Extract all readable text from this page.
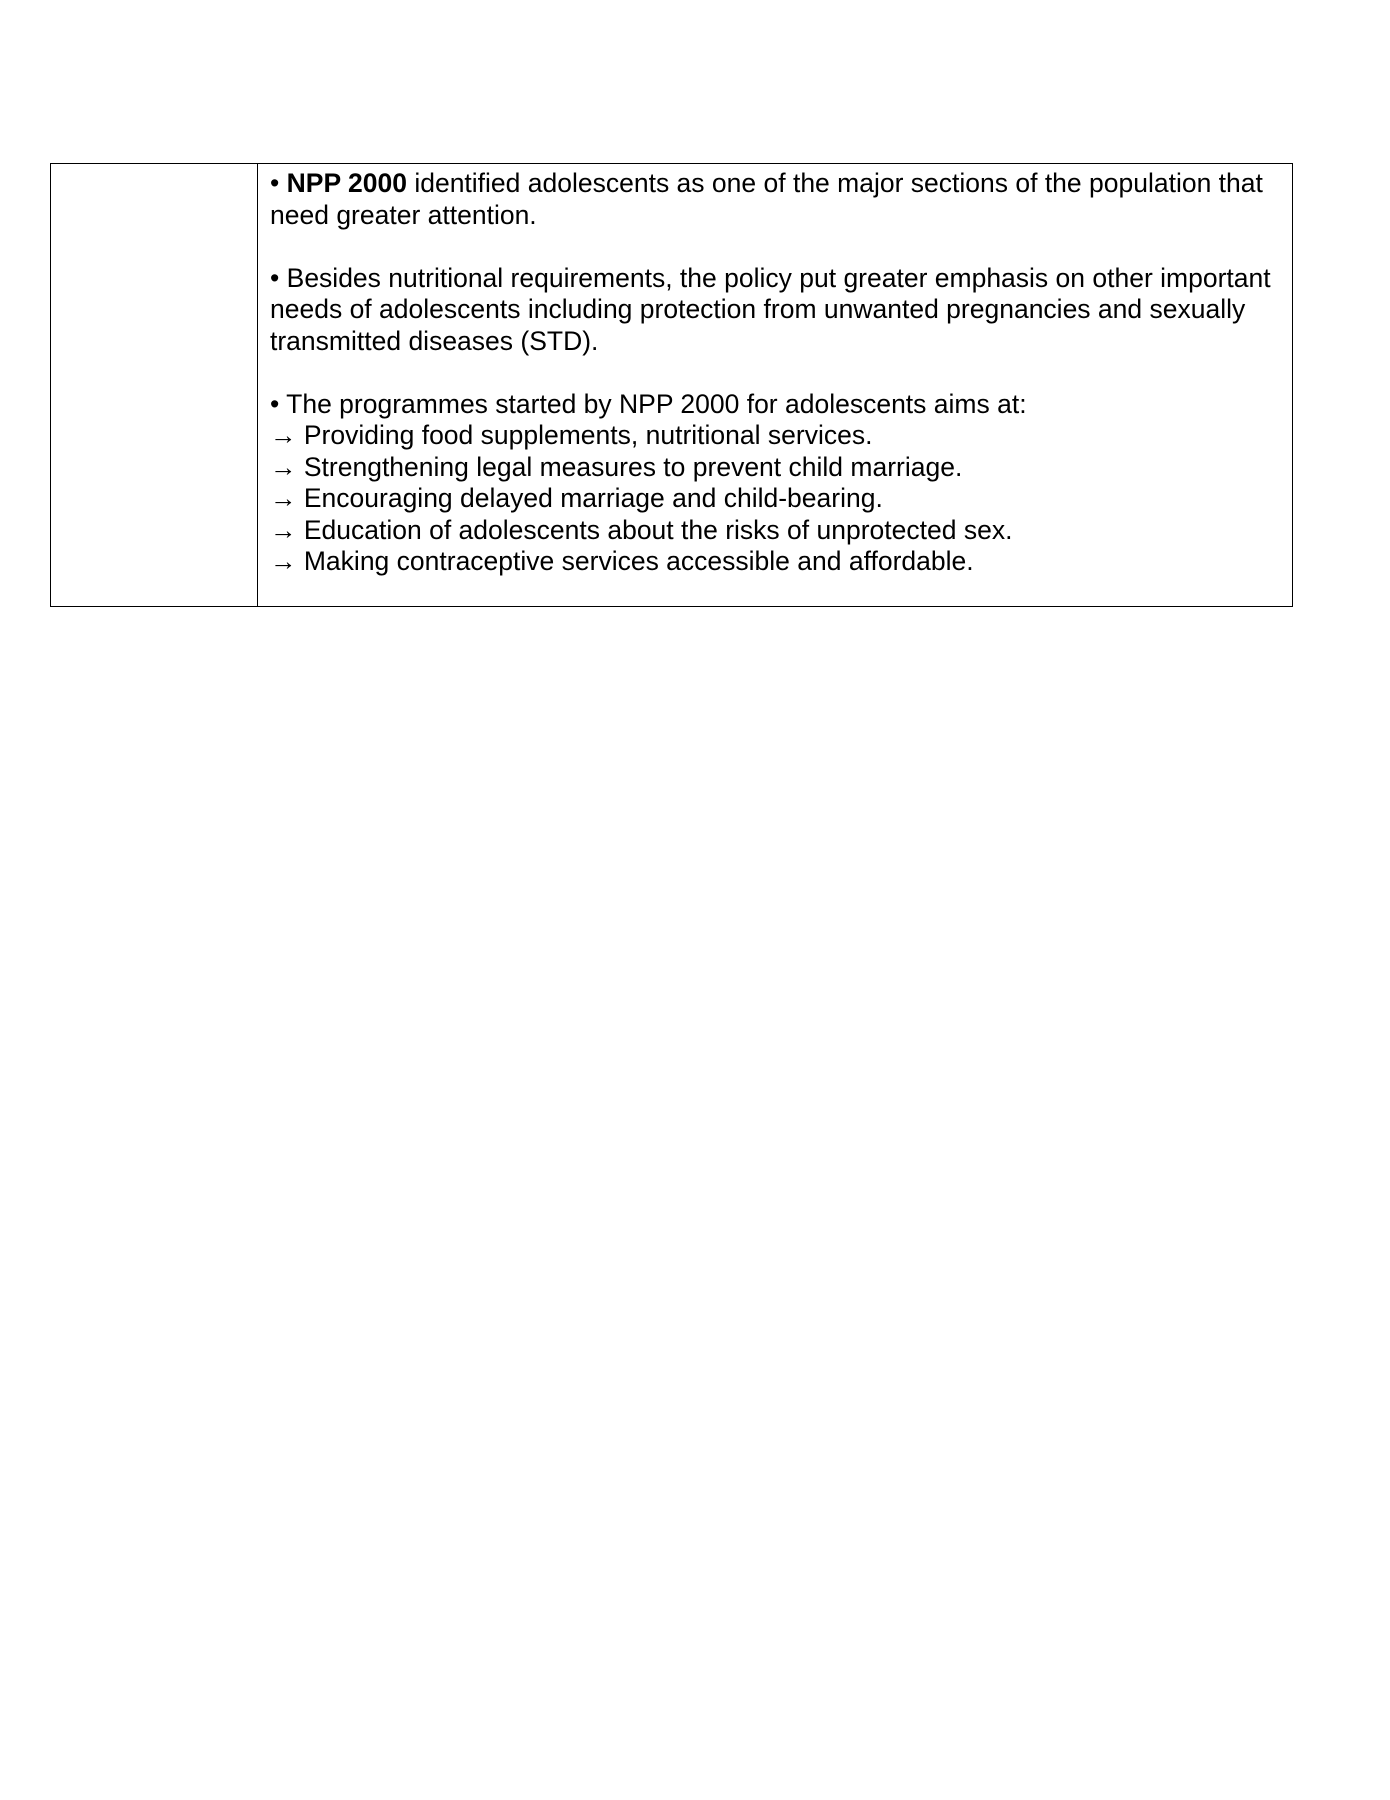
• NPP 2000 identified adolescents as one of the major sections of the population that need greater attention.

• Besides nutritional requirements, the policy put greater emphasis on other important needs of adolescents including protection from unwanted pregnancies and sexually transmitted diseases (STD).

• The programmes started by NPP 2000 for adolescents aims at:

→ Providing food supplements, nutritional services.
→ Strengthening legal measures to prevent child marriage.
→ Encouraging delayed marriage and child-bearing.
→ Education of adolescents about the risks of unprotected sex.
→ Making contraceptive services accessible and affordable.
